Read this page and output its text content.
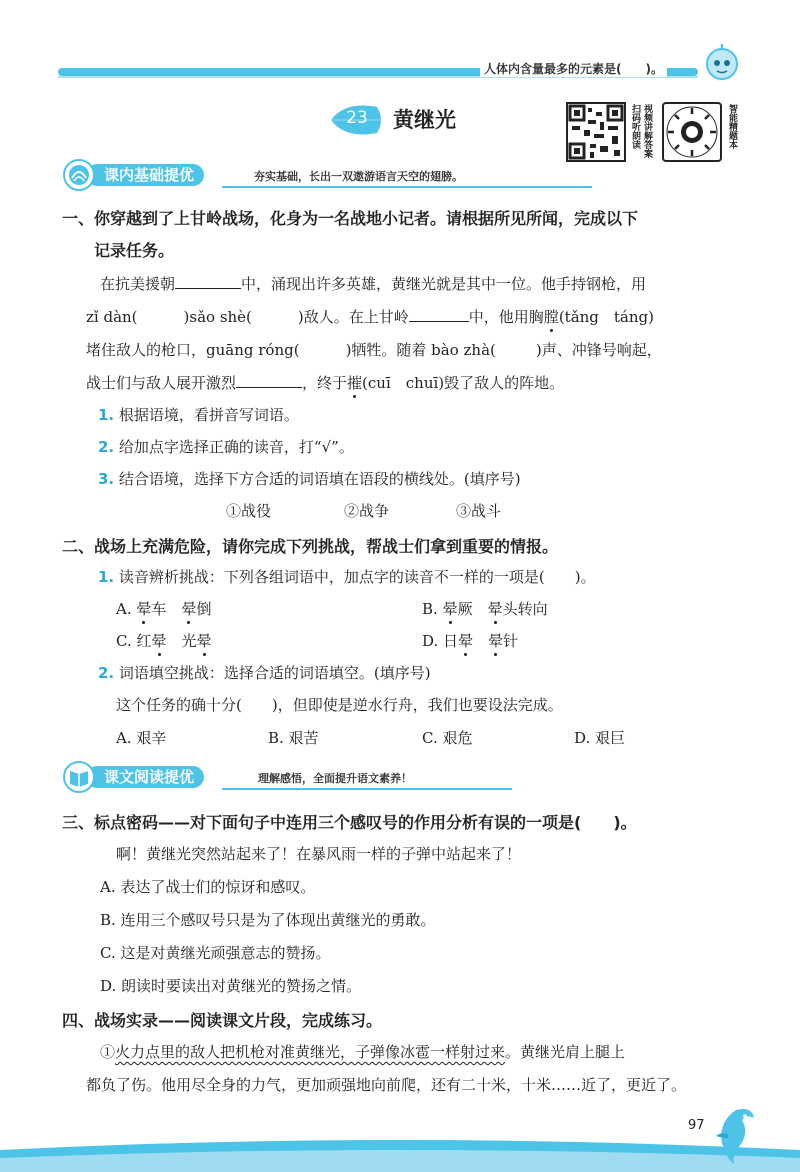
人体内含量最多的元素是(　　)。
23 黄继光	扫码听朗读 视频讲解答案	智能精题本
课内基础提优	夯实基础，长出一双遨游语言天空的翅膀。
一、你穿越到了上甘岭战场，化身为一名战地小记者。请根据所见所闻，完成以下
记录任务。
在抗美援朝	中，涌现出许多英雄，黄继光就是其中一位。他手持钢枪，用
zǐ dàn(	)sǎo shè(	)敌人。在上甘岭	中，他用胸膛(tǎng　táng)
堵住敌人的枪口，guāng róng(	)牺牲。随着 bào zhà(	)声、冲锋号响起，
战士们与敌人展开激烈	，终于摧(cuī　chuī)毁了敌人的阵地。
1. 根据语境，看拼音写词语。
2. 给加点字选择正确的读音，打“√”。
3. 结合语境，选择下方合适的词语填在语段的横线处。(填序号)
①战役	②战争	③战斗
二、战场上充满危险，请你完成下列挑战，帮战士们拿到重要的情报。
1. 读音辨析挑战：下列各组词语中，加点字的读音不一样的一项是(　　)。
A. 晕车　 晕倒	B. 晕厥　 晕头转向
C. 红晕　 光晕	D. 日晕　 晕针
2. 词语填空挑战：选择合适的词语填空。(填序号)
这个任务的确十分(　　)，但即使是逆水行舟，我们也要设法完成。
A. 艰辛	B. 艰苦	C. 艰危	D. 艰巨
课文阅读提优	理解感悟，全面提升语文素养！
三、标点密码——对下面句子中连用三个感叹号的作用分析有误的一项是(　　)。
啊！黄继光突然站起来了！在暴风雨一样的子弹中站起来了！
A. 表达了战士们的惊讶和感叹。
B. 连用三个感叹号只是为了体现出黄继光的勇敢。
C. 这是对黄继光顽强意志的赞扬。
D. 朗读时要读出对黄继光的赞扬之情。
四、战场实录——阅读课文片段，完成练习。
①火力点里的敌人把机枪对准黄继光，子弹像冰雹一样射过来。黄继光肩上腿上
都负了伤。他用尽全身的力气，更加顽强地向前爬，还有二十米，十米……近了，更近了。
97
